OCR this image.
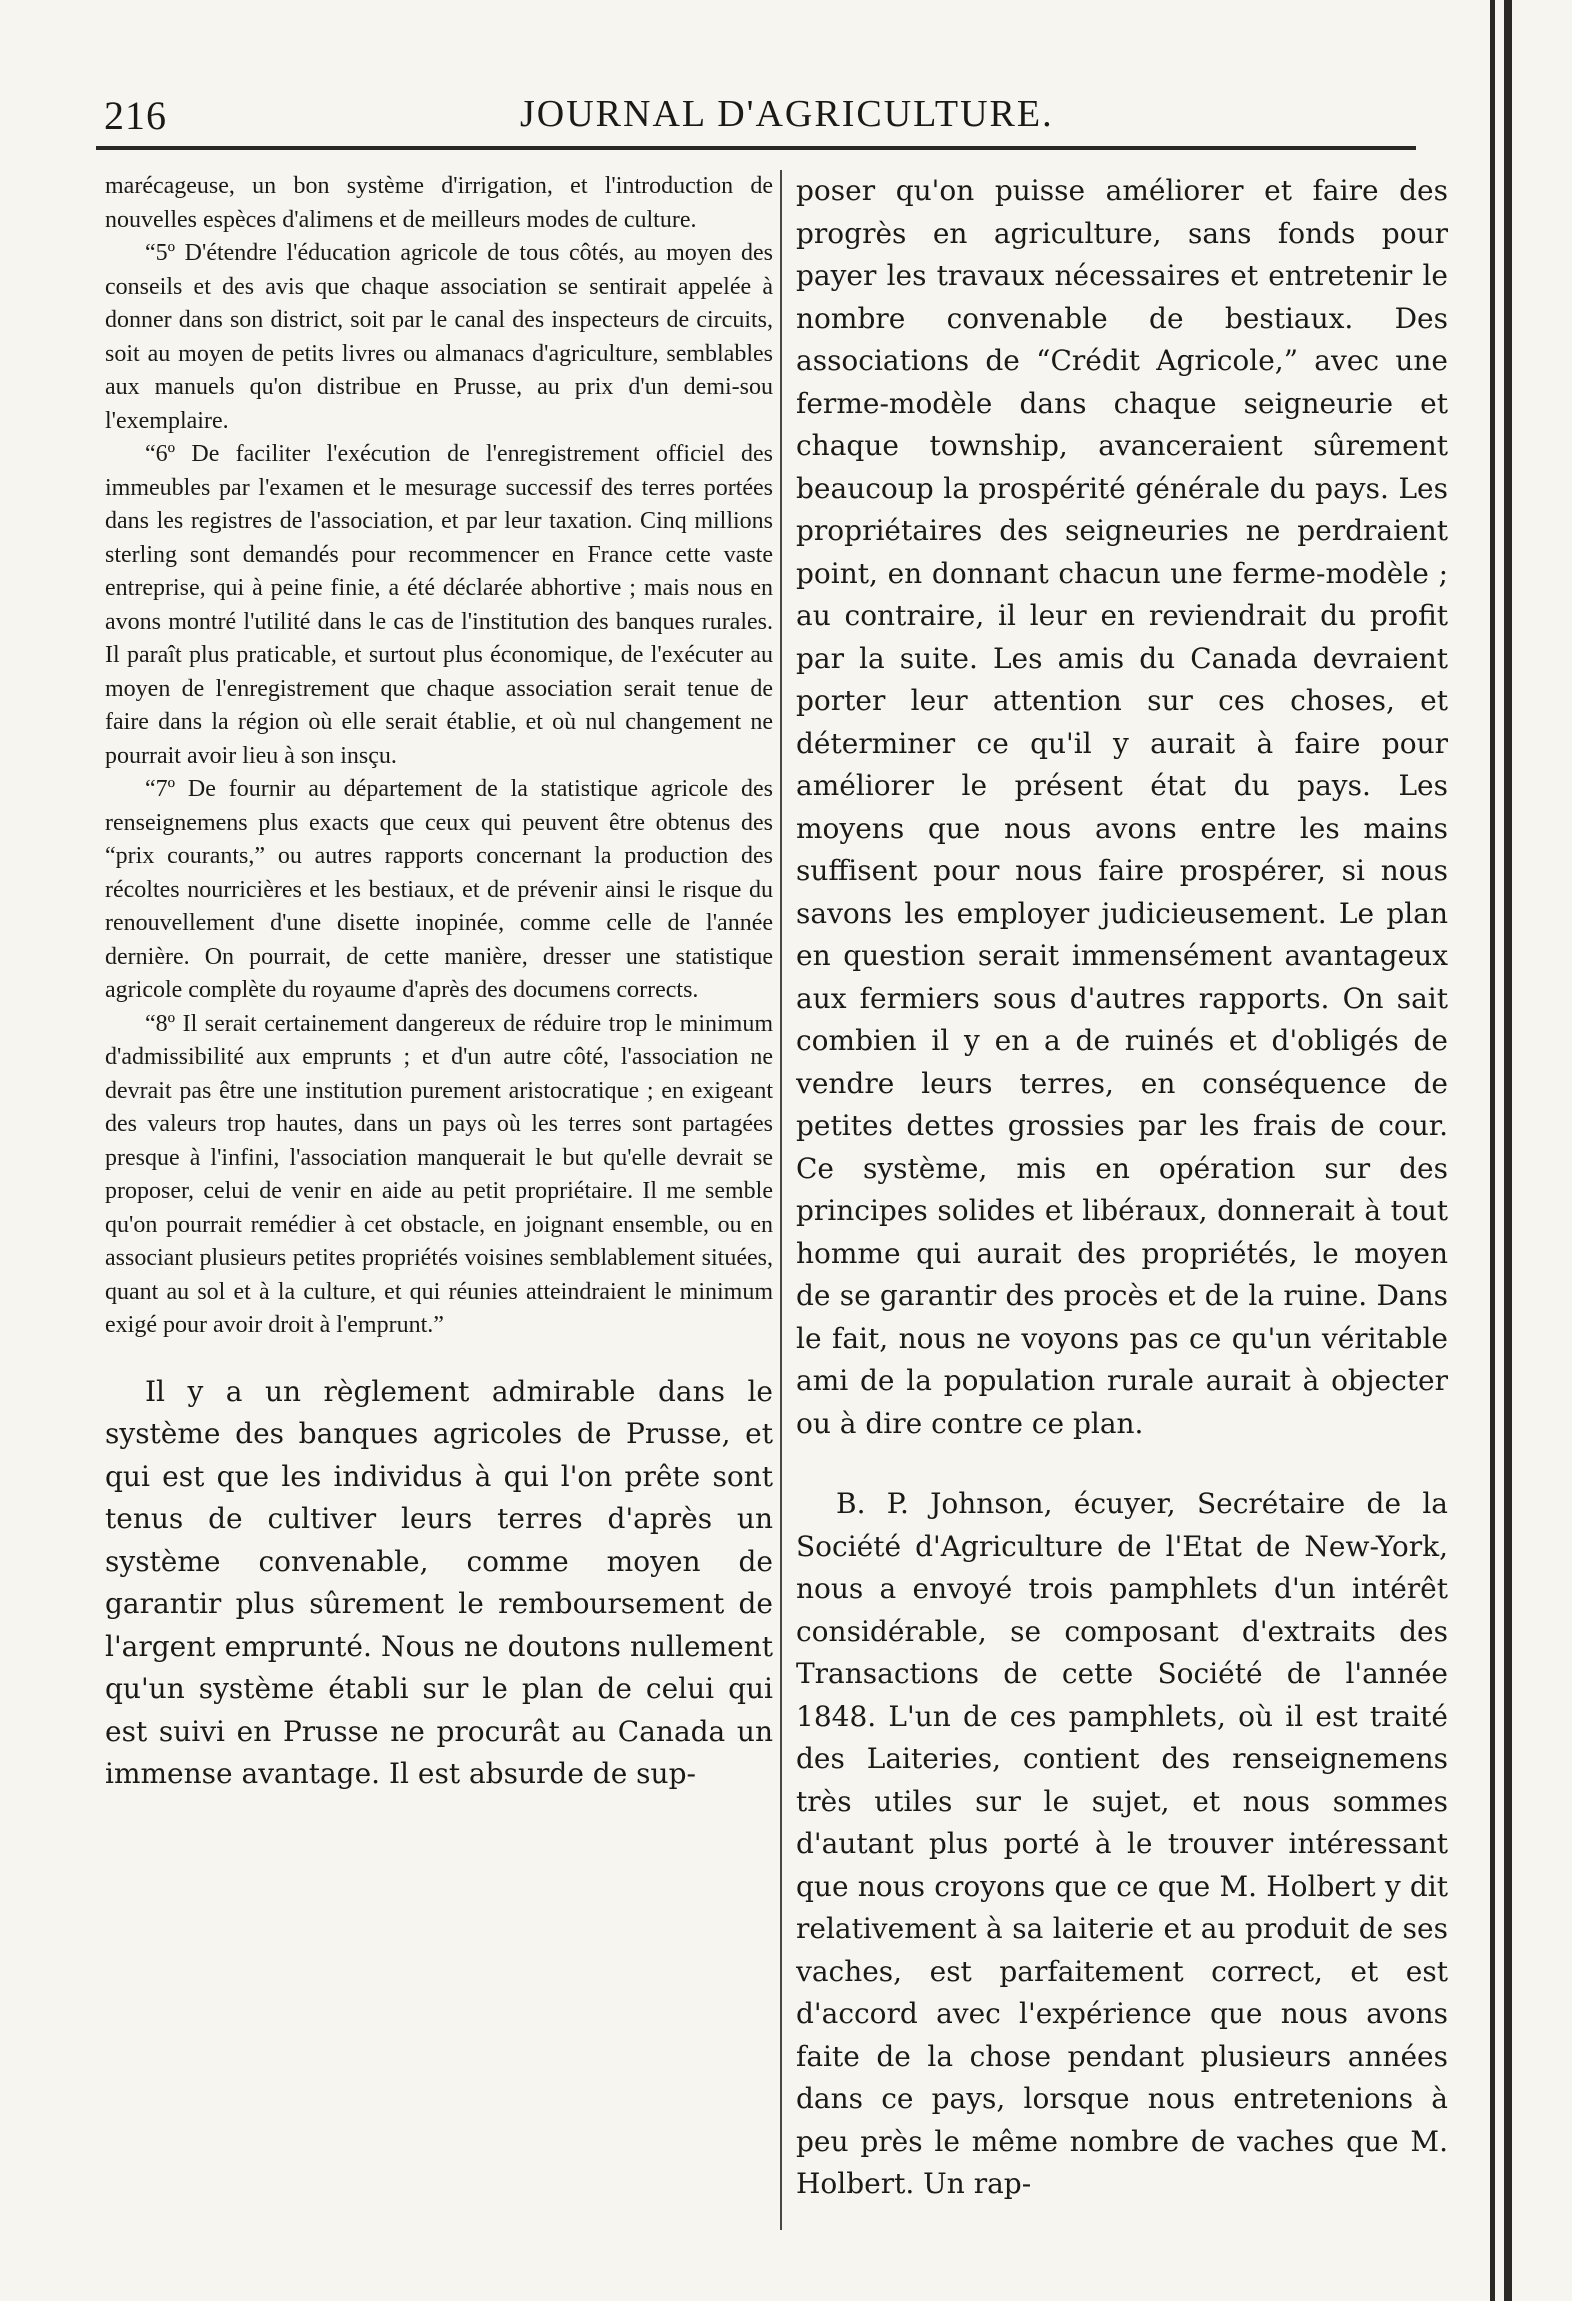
216	JOURNAL D'AGRICULTURE.

marécageuse, un bon système d'irrigation, et l'introduction de nouvelles espèces d'alimens et de meilleurs modes de culture.

“5º D'étendre l'éducation agricole de tous côtés, au moyen des conseils et des avis que chaque association se sentirait appelée à donner dans son district, soit par le canal des inspecteurs de circuits, soit au moyen de petits livres ou almanacs d'agriculture, semblables aux manuels qu'on distribue en Prusse, au prix d'un demi-sou l'exemplaire.

“6º De faciliter l'exécution de l'enregistrement officiel des immeubles par l'examen et le mesurage successif des terres portées dans les registres de l'association, et par leur taxation. Cinq millions sterling sont demandés pour recommencer en France cette vaste entreprise, qui à peine finie, a été déclarée abhortive ; mais nous en avons montré l'utilité dans le cas de l'institution des banques rurales. Il paraît plus praticable, et surtout plus économique, de l'exécuter au moyen de l'enregistrement que chaque association serait tenue de faire dans la région où elle serait établie, et où nul changement ne pourrait avoir lieu à son insçu.

“7º De fournir au département de la statistique agricole des renseignemens plus exacts que ceux qui peuvent être obtenus des “prix courants,” ou autres rapports concernant la production des récoltes nourricières et les bestiaux, et de prévenir ainsi le risque du renouvellement d'une disette inopinée, comme celle de l'année dernière. On pourrait, de cette manière, dresser une statistique agricole complète du royaume d'après des documens corrects.

“8º Il serait certainement dangereux de réduire trop le minimum d'admissibilité aux emprunts ; et d'un autre côté, l'association ne devrait pas être une institution purement aristocratique ; en exigeant des valeurs trop hautes, dans un pays où les terres sont partagées presque à l'infini, l'association manquerait le but qu'elle devrait se proposer, celui de venir en aide au petit propriétaire. Il me semble qu'on pourrait remédier à cet obstacle, en joignant ensemble, ou en associant plusieurs petites propriétés voisines semblablement situées, quant au sol et à la culture, et qui réunies atteindraient le minimum exigé pour avoir droit à l'emprunt.”

Il y a un règlement admirable dans le système des banques agricoles de Prusse, et qui est que les individus à qui l'on prête sont tenus de cultiver leurs terres d'après un système convenable, comme moyen de garantir plus sûrement le remboursement de l'argent emprunté. Nous ne doutons nullement qu'un système établi sur le plan de celui qui est suivi en Prusse ne procurât au Canada un immense avantage. Il est absurde de sup-

poser qu'on puisse améliorer et faire des progrès en agriculture, sans fonds pour payer les travaux nécessaires et entretenir le nombre convenable de bestiaux. Des associations de “Crédit Agricole,” avec une ferme-modèle dans chaque seigneurie et chaque township, avanceraient sûrement beaucoup la prospérité générale du pays. Les propriétaires des seigneuries ne perdraient point, en donnant chacun une ferme-modèle ; au contraire, il leur en reviendrait du profit par la suite. Les amis du Canada devraient porter leur attention sur ces choses, et déterminer ce qu'il y aurait à faire pour améliorer le présent état du pays. Les moyens que nous avons entre les mains suffisent pour nous faire prospérer, si nous savons les employer judicieusement. Le plan en question serait immensément avantageux aux fermiers sous d'autres rapports. On sait combien il y en a de ruinés et d'obligés de vendre leurs terres, en conséquence de petites dettes grossies par les frais de cour. Ce système, mis en opération sur des principes solides et libéraux, donnerait à tout homme qui aurait des propriétés, le moyen de se garantir des procès et de la ruine. Dans le fait, nous ne voyons pas ce qu'un véritable ami de la population rurale aurait à objecter ou à dire contre ce plan.

B. P. Johnson, écuyer, Secrétaire de la Société d'Agriculture de l'Etat de New-York, nous a envoyé trois pamphlets d'un intérêt considérable, se composant d'extraits des Transactions de cette Société de l'année 1848. L'un de ces pamphlets, où il est traité des Laiteries, contient des renseignemens très utiles sur le sujet, et nous sommes d'autant plus porté à le trouver intéressant que nous croyons que ce que M. Holbert y dit relativement à sa laiterie et au produit de ses vaches, est parfaitement correct, et est d'accord avec l'expérience que nous avons faite de la chose pendant plusieurs années dans ce pays, lorsque nous entretenions à peu près le même nombre de vaches que M. Holbert. Un rap-
